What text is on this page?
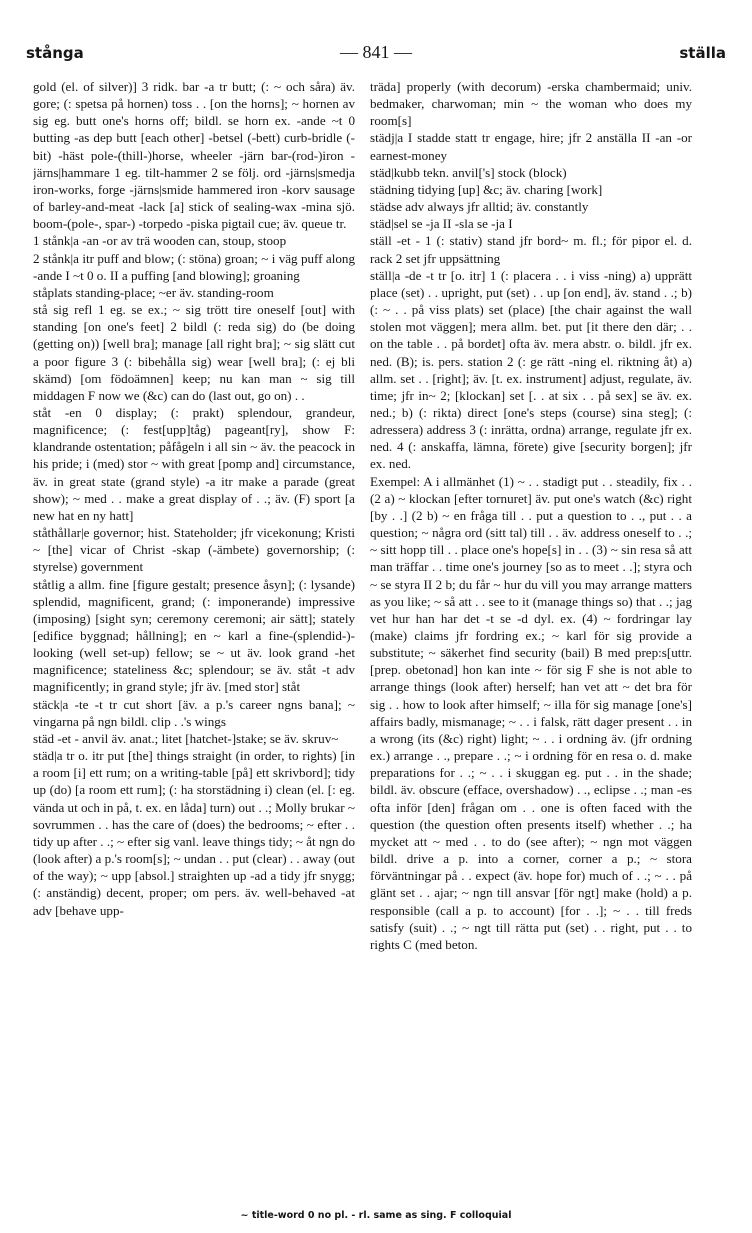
stånga	— 841 —	ställa

gold (el. of silver)] 3 ridk. bar -a tr butt; (: ~ och såra) äv. gore; (: spetsa på hornen) toss . . [on the horns]; ~ hornen av sig eg. butt one's horns off; bildl. se horn ex. -ande ~t 0 butting -as dep butt [each other] -betsel (-bett) curb-bridle (-bit) -häst pole-(thill-)horse, wheeler -järn bar-(rod-)iron -järns|hammare 1 eg. tilt-hammer 2 se följ. ord -järns|smedja iron-works, forge -järns|smide hammered iron -korv sausage of barley-and-meat -lack [a] stick of sealing-wax -mina sjö. boom-(pole-, spar-) -torpedo -piska pigtail cue; äv. queue tr.

1 stånk|a -an -or av trä wooden can, stoup, stoop

2 stånk|a itr puff and blow; (: stöna) groan; ~ i väg puff along -ande I ~t 0 o. II a puffing [and blowing]; groaning

ståplats standing-place; ~er äv. standing-room

stå sig refl 1 eg. se ex.; ~ sig trött tire oneself [out] with standing [on one's feet] 2 bildl (: reda sig) do (be doing (getting on)) [well bra]; manage [all right bra]; ~ sig slätt cut a poor figure 3 (: bibehålla sig) wear [well bra]; (: ej bli skämd) [om födoämnen] keep; nu kan man ~ sig till middagen F now we (&c) can do (last out, go on) . .

ståt -en 0 display; (: prakt) splendour, grandeur, magnificence; (: fest[upp]tåg) pageant[ry], show F: klandrande ostentation; påfågeln i all sin ~ äv. the peacock in his pride; i (med) stor ~ with great [pomp and] circumstance, äv. in great state (grand style) -a itr make a parade (great show); ~ med . . make a great display of . .; äv. (F) sport [a new hat en ny hatt]

ståthållar|e governor; hist. Stateholder; jfr vicekonung; Kristi ~ [the] vicar of Christ -skap (-ämbete) governorship; (: styrelse) government

ståtlig a allm. fine [figure gestalt; presence åsyn]; (: lysande) splendid, magnificent, grand; (: imponerande) impressive (imposing) [sight syn; ceremony ceremoni; air sätt]; stately [edifice byggnad; hållning]; en ~ karl a fine-(splendid-)-looking (well set-up) fellow; se ~ ut äv. look grand -het magnificence; stateliness &c; splendour; se äv. ståt -t adv magnificently; in grand style; jfr äv. [med stor] ståt

stäck|a -te -t tr cut short [äv. a p.'s career ngns bana]; ~ vingarna på ngn bildl. clip . .'s wings

städ -et - anvil äv. anat.; litet [hatchet-]stake; se äv. skruv~

städ|a tr o. itr put [the] things straight (in order, to rights) [in a room [i] ett rum; on a writing-table [på] ett skrivbord]; tidy up (do) [a room ett rum]; (: ha storstädning i) clean (el. [: eg. vända ut och in på, t. ex. en låda] turn) out . .; Molly brukar ~ sovrummen . . has the care of (does) the bedrooms; ~ efter . . tidy up after . .; ~ efter sig vanl. leave things tidy; ~ åt ngn do (look after) a p.'s room[s]; ~ undan . . put (clear) . . away (out of the way); ~ upp [absol.] straighten up -ad a tidy jfr snygg; (: anständig) decent, proper; om pers. äv. well-behaved -at adv [behave upp-

träda] properly (with decorum) -erska chambermaid; univ. bedmaker, charwoman; min ~ the woman who does my room[s]

städj|a I stadde statt tr engage, hire; jfr 2 anställa II -an -or earnest-money

städ|kubb tekn. anvil['s] stock (block)

städning tidying [up] &c; äv. charing [work]

städse adv always jfr alltid; äv. constantly

städ|sel se -ja II -sla se -ja I

ställ -et - 1 (: stativ) stand jfr bord~ m. fl.; för pipor el. d. rack 2 set jfr uppsättning

ställ|a -de -t tr [o. itr] 1 (: placera . . i viss -ning) a) upprätt place (set) . . upright, put (set) . . up [on end], äv. stand . .; b) (: ~ . . på viss plats) set (place) [the chair against the wall stolen mot väggen]; mera allm. bet. put [it there den där; . . on the table . . på bordet] ofta äv. mera abstr. o. bildl. jfr ex. ned. (B); is. pers. station 2 (: ge rätt -ning el. riktning åt) a) allm. set . . [right]; äv. [t. ex. instrument] adjust, regulate, äv. time; jfr in~ 2; [klockan] set [. . at six . . på sex] se äv. ex. ned.; b) (: rikta) direct [one's steps (course) sina steg]; (: adressera) address 3 (: inrätta, ordna) arrange, regulate jfr ex. ned. 4 (: anskaffa, lämna, förete) give [security borgen]; jfr ex. ned.

Exempel: A i allmänhet (1) ~ . . stadigt put . . steadily, fix . . (2 a) ~ klockan [efter tornuret] äv. put one's watch (&c) right [by . .] (2 b) ~ en fråga till . . put a question to . ., put . . a question; ~ några ord (sitt tal) till . . äv. address oneself to . .; ~ sitt hopp till . . place one's hope[s] in . . (3) ~ sin resa så att man träffar . . time one's journey [so as to meet . .]; styra och ~ se styra II 2 b; du får ~ hur du vill you may arrange matters as you like; ~ så att . . see to it (manage things so) that . .; jag vet hur han har det -t se -d dyl. ex. (4) ~ fordringar lay (make) claims jfr fordring ex.; ~ karl för sig provide a substitute; ~ säkerhet find security (bail) B med prep:s[uttr. [prep. obetonad] hon kan inte ~ för sig F she is not able to arrange things (look after) herself; han vet att ~ det bra för sig . . how to look after himself; ~ illa för sig manage [one's] affairs badly, mismanage; ~ . . i falsk, rätt dager present . . in a wrong (its (&c) right) light; ~ . . i ordning äv. (jfr ordning ex.) arrange . ., prepare . .; ~ i ordning för en resa o. d. make preparations for . .; ~ . . i skuggan eg. put . . in the shade; bildl. äv. obscure (efface, overshadow) . ., eclipse . .; man -es ofta inför [den] frågan om . . one is often faced with the question (the question often presents itself) whether . .; ha mycket att ~ med . . to do (see after); ~ ngn mot väggen bildl. drive a p. into a corner, corner a p.; ~ stora förväntningar på . . expect (äv. hope for) much of . .; ~ . . på glänt set . . ajar; ~ ngn till ansvar [för ngt] make (hold) a p. responsible (call a p. to account) [for . .]; ~ . . till freds satisfy (suit) . .; ~ ngt till rätta put (set) . . right, put . . to rights C (med beton.

~ title-word 0 no pl. - rl. same as sing. F colloquial
